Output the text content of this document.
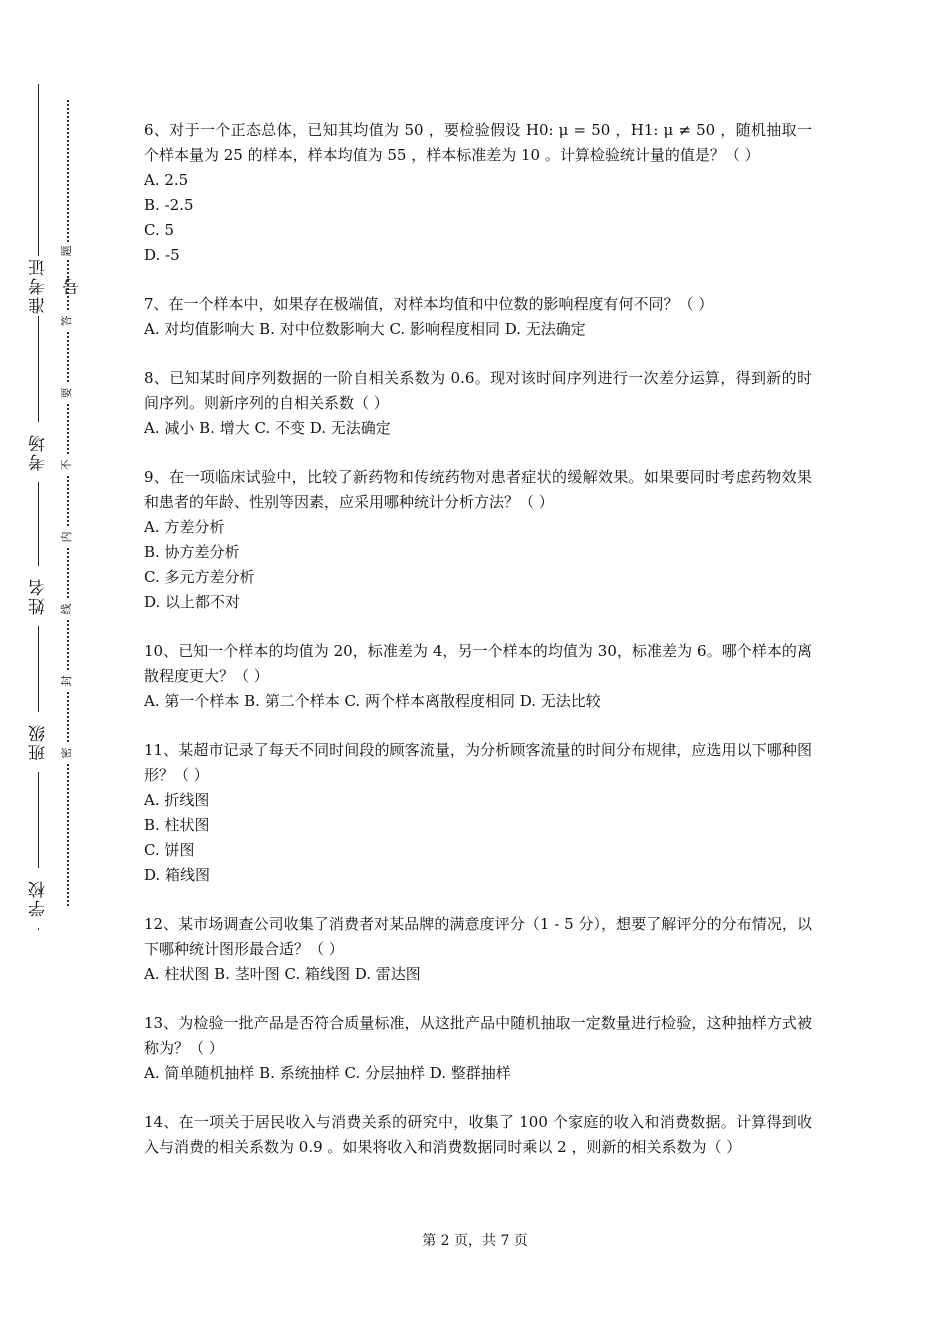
准考证号
考场
姓名
班级
学校
题
答
要
不
内
线
封
密

6、对于一个正态总体，已知其均值为 50 ，要检验假设 H0: μ = 50 ，H1: μ ≠ 50 ，随机抽取一个样本量为 25 的样本，样本均值为 55 ，样本标准差为 10 。计算检验统计量的值是？（ ）

A. 2.5

B. -2.5

C. 5

D. -5

7、在一个样本中，如果存在极端值，对样本均值和中位数的影响程度有何不同？（ ）

A. 对均值影响大 B. 对中位数影响大 C. 影响程度相同 D. 无法确定

8、已知某时间序列数据的一阶自相关系数为 0.6。现对该时间序列进行一次差分运算，得到新的时间序列。则新序列的自相关系数（ ）

A. 减小 B. 增大 C. 不变 D. 无法确定

9、在一项临床试验中，比较了新药物和传统药物对患者症状的缓解效果。如果要同时考虑药物效果和患者的年龄、性别等因素，应采用哪种统计分析方法？（ ）

A. 方差分析

B. 协方差分析

C. 多元方差分析

D. 以上都不对

10、已知一个样本的均值为 20，标准差为 4，另一个样本的均值为 30，标准差为 6。哪个样本的离散程度更大？（ ）

A. 第一个样本 B. 第二个样本 C. 两个样本离散程度相同 D. 无法比较

11、某超市记录了每天不同时间段的顾客流量，为分析顾客流量的时间分布规律，应选用以下哪种图形？（ ）

A. 折线图

B. 柱状图

C. 饼图

D. 箱线图

12、某市场调查公司收集了消费者对某品牌的满意度评分（1 - 5 分），想要了解评分的分布情况，以下哪种统计图形最合适？（ ）

A. 柱状图 B. 茎叶图 C. 箱线图 D. 雷达图

13、为检验一批产品是否符合质量标准，从这批产品中随机抽取一定数量进行检验，这种抽样方式被称为？（ ）

A. 简单随机抽样 B. 系统抽样 C. 分层抽样 D. 整群抽样

14、在一项关于居民收入与消费关系的研究中，收集了 100 个家庭的收入和消费数据。计算得到收入与消费的相关系数为 0.9 。如果将收入和消费数据同时乘以 2 ，则新的相关系数为（ ）

第 2 页，共 7 页
